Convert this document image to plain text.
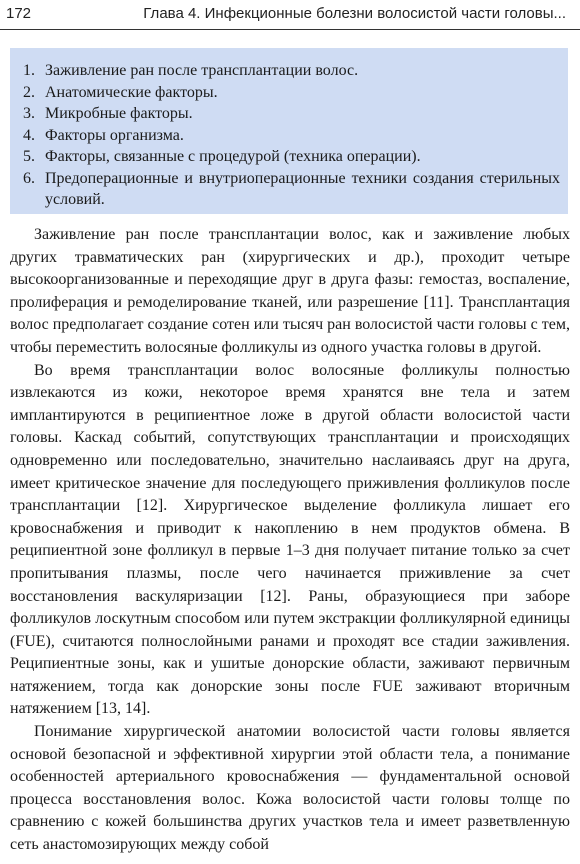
172	Глава 4. Инфекционные болезни волосистой части головы...
1. Заживление ран после трансплантации волос.
2. Анатомические факторы.
3. Микробные факторы.
4. Факторы организма.
5. Факторы, связанные с процедурой (техника операции).
6. Предоперационные и внутриоперационные техники создания стерильных условий.

Заживление ран после трансплантации волос, как и заживление любых других травматических ран (хирургических и др.), проходит четыре высокоорганизованные и переходящие друг в друга фазы: гемостаз, воспаление, пролиферация и ремоделирование тканей, или разрешение [11]. Трансплантация волос предполагает создание сотен или тысяч ран волосистой части головы с тем, чтобы переместить волосяные фолликулы из одного участка головы в другой.

Во время трансплантации волос волосяные фолликулы полностью извлекаются из кожи, некоторое время хранятся вне тела и затем имплантируются в реципиентное ложе в другой области волосистой части головы. Каскад событий, сопутствующих трансплантации и происходящих одновременно или последовательно, значительно наслаиваясь друг на друга, имеет критическое значение для последующего приживления фолликулов после трансплантации [12]. Хирургическое выделение фолликула лишает его кровоснабжения и приводит к накоплению в нем продуктов обмена. В реципиентной зоне фолликул в первые 1–3 дня получает питание только за счет пропитывания плазмы, после чего начинается приживление за счет восстановления васкуляризации [12]. Раны, образующиеся при заборе фолликулов лоскутным способом или путем экстракции фолликулярной единицы (FUE), считаются полнослойными ранами и проходят все стадии заживления. Реципиентные зоны, как и ушитые донорские области, заживают первичным натяжением, тогда как донорские зоны после FUE заживают вторичным натяжением [13, 14].

Понимание хирургической анатомии волосистой части головы является основой безопасной и эффективной хирургии этой области тела, а понимание особенностей артериального кровоснабжения — фундаментальной основой процесса восстановления волос. Кожа волосистой части головы толще по сравнению с кожей большинства других участков тела и имеет разветвленную сеть анастомозирующих между собой
